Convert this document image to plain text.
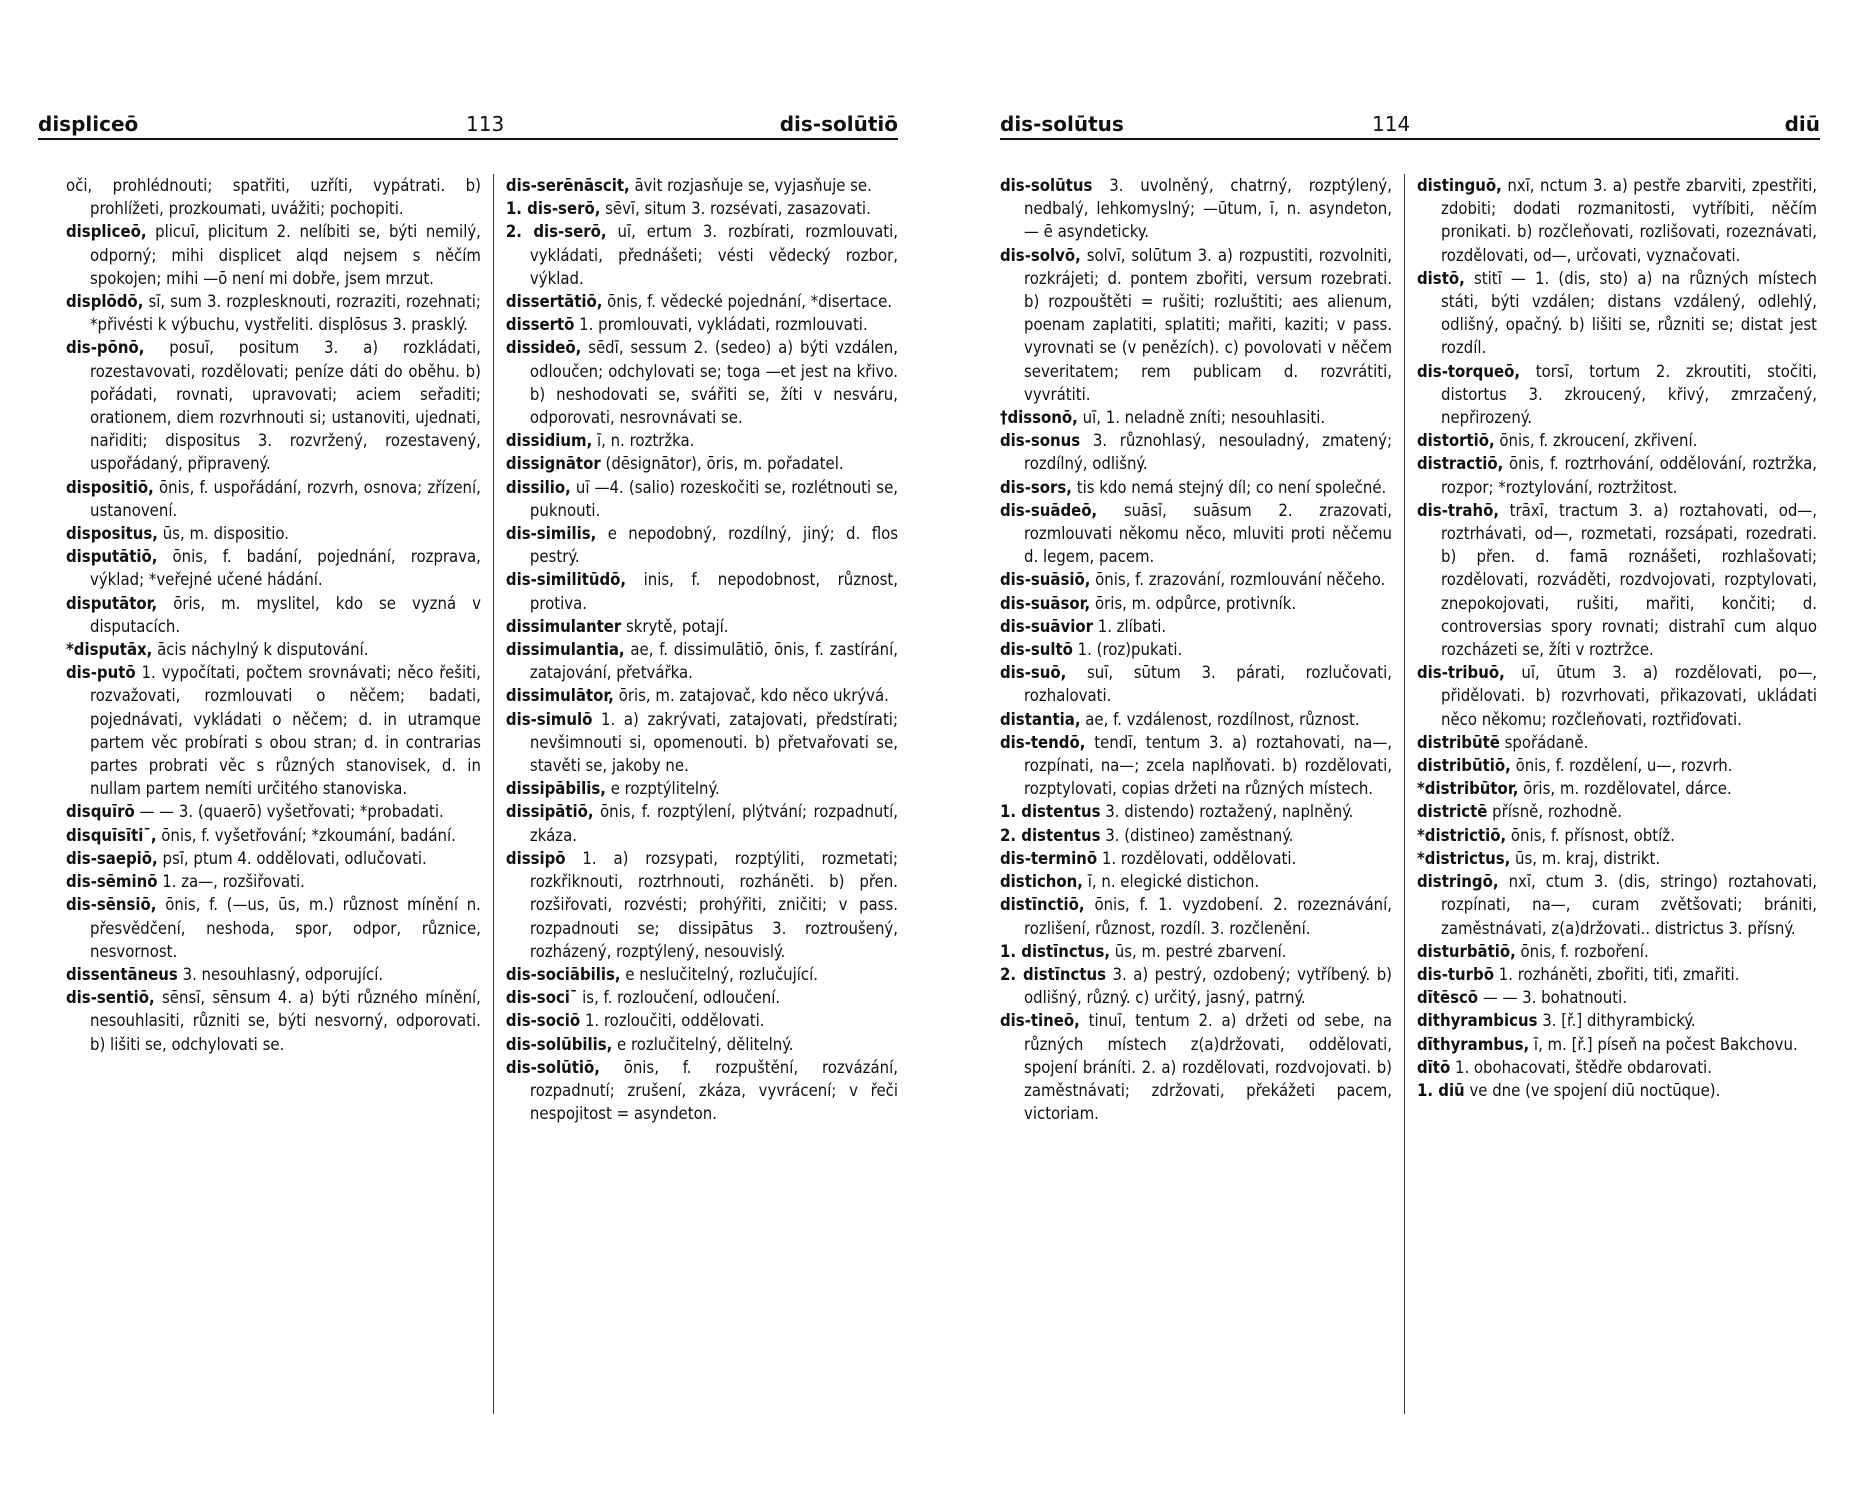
displiceō	113	dis-solūtiō

oči, prohlédnouti; spatřiti, uzříti, vypátrati. b) prohlížeti, prozkoumati, uvážiti; pochopiti.

displiceō, plicuī, plicitum 2. nelíbiti se, býti nemilý, odporný; mihi displicet alqd nejsem s něčím spokojen; mihi —ō není mi dobře, jsem mrzut.

displōdō, sī, sum 3. rozplesknouti, rozraziti, rozehnati; *přivésti k výbuchu, vystřeliti. displōsus 3. prasklý.

dis-pōnō, posuī, positum 3. a) rozkládati, rozestavovati, rozdělovati; peníze dáti do oběhu. b) pořádati, rovnati, upravovati; aciem seřaditi; orationem, diem rozvrhnouti si; ustanoviti, ujednati, nařiditi; dispositus 3. rozvržený, rozestavený, uspořádaný, připravený.

dispositiō, ōnis, f. uspořádání, rozvrh, osnova; zřízení, ustanovení.

dispositus, ūs, m. dispositio.

disputātiō, ōnis, f. badání, pojednání, rozprava, výklad; *veřejné učené hádání.

disputātor, ōris, m. myslitel, kdo se vyzná v disputacích.

*disputāx, ācis náchylný k disputování.

dis-putō 1. vypočítati, počtem srovnávati; něco řešiti, rozvažovati, rozmlouvati o něčem; badati, pojednávati, vykládati o něčem; d. in utramque partem věc probírati s obou stran; d. in contrarias partes probrati věc s různých stanovisek, d. in nullam partem nemíti určitého stanoviska.

disquīrō — — 3. (quaerō) vyšetřovati; *probadati.

disquīsītiˉ, ōnis, f. vyšetřování; *zkoumání, badání.

dis-saepiō, psī, ptum 4. oddělovati, odlučovati.

dis-sēminō 1. za—, rozšiřovati.

dis-sēnsiō, ōnis, f. (—us, ūs, m.) různost mínění n. přesvědčení, neshoda, spor, odpor, různice, nesvornost.

dissentāneus 3. nesouhlasný, odporující.

dis-sentiō, sēnsī, sēnsum 4. a) býti různého mínění, nesouhlasiti, různiti se, býti nesvorný, odporovati. b) lišiti se, odchylovati se.

dis-serēnāscit, āvit rozjasňuje se, vyjasňuje se.

1. dis-serō, sēvī, situm 3. rozsévati, zasazovati.

2. dis-serō, uī, ertum 3. rozbírati, rozmlouvati, vykládati, přednášeti; vésti vědecký rozbor, výklad.

dissertātiō, ōnis, f. vědecké pojednání, *disertace.

dissertō 1. promlouvati, vykládati, rozmlouvati.

dissideō, sēdī, sessum 2. (sedeo) a) býti vzdálen, odloučen; odchylovati se; toga —et jest na křivo. b) neshodovati se, svářiti se, žíti v nesváru, odporovati, nesrovnávati se.

dissidium, ī, n. roztržka.

dissignātor (dēsignātor), ōris, m. pořadatel.

dissilio, uī —4. (salio) rozeskočiti se, rozlétnouti se, puknouti.

dis-similis, e nepodobný, rozdílný, jiný; d. flos pestrý.

dis-similitūdō, inis, f. nepodobnost, různost, protiva.

dissimulanter skrytě, potají.

dissimulantia, ae, f. dissimulātiō, ōnis, f. zastírání, zatajování, přetvářka.

dissimulātor, ōris, m. zatajovač, kdo něco ukrývá.

dis-simulō 1. a) zakrývati, zatajovati, předstírati; nevšimnouti si, opomenouti. b) přetvařovati se, stavěti se, jakoby ne.

dissipābilis, e rozptýlitelný.

dissipātiō, ōnis, f. rozptýlení, plýtvání; rozpadnutí, zkáza.

dissipō 1. a) rozsypati, rozptýliti, rozmetati; rozkřiknouti, roztrhnouti, rozháněti. b) přen. rozšiřovati, rozvésti; prohýřiti, zničiti; v pass. rozpadnouti se; dissipātus 3. roztroušený, rozházený, rozptýlený, nesouvislý.

dis-sociābilis, e neslučitelný, rozlučující.

dis-sociˉ is, f. rozloučení, odloučení.

dis-sociō 1. rozloučiti, oddělovati.

dis-solūbilis, e rozlučitelný, dělitelný.

dis-solūtiō, ōnis, f. rozpuštění, rozvázání, rozpadnutí; zrušení, zkáza, vyvrácení; v řeči nespojitost = asyndeton.

dis-solūtus	114	diū

dis-solūtus 3. uvolněný, chatrný, rozptýlený, nedbalý, lehkomyslný; —ūtum, ī, n. asyndeton, — ē asyndeticky.

dis-solvō, solvī, solūtum 3. a) rozpustiti, rozvolniti, rozkrájeti; d. pontem zbořiti, versum rozebrati. b) rozpouštěti = rušiti; rozluštiti; aes alienum, poenam zaplatiti, splatiti; mařiti, kaziti; v pass. vyrovnati se (v penězích). c) povolovati v něčem severitatem; rem publicam d. rozvrátiti, vyvrátiti.

†dissonō, uī, 1. neladně zníti; nesouhlasiti.

dis-sonus 3. různohlasý, nesouladný, zmatený; rozdílný, odlišný.

dis-sors, tis kdo nemá stejný díl; co není společné.

dis-suādeō, suāsī, suāsum 2. zrazovati, rozmlouvati někomu něco, mluviti proti něčemu d. legem, pacem.

dis-suāsiō, ōnis, f. zrazování, rozmlouvání něčeho.

dis-suāsor, ōris, m. odpůrce, protivník.

dis-suāvior 1. zlíbati.

dis-sultō 1. (roz)pukati.

dis-suō, suī, sūtum 3. párati, rozlučovati, rozhalovati.

distantia, ae, f. vzdálenost, rozdílnost, různost.

dis-tendō, tendī, tentum 3. a) roztahovati, na—, rozpínati, na—; zcela naplňovati. b) rozdělovati, rozptylovati, copias držeti na různých místech.

1. distentus 3. distendo) roztažený, naplněný.

2. distentus 3. (distineo) zaměstnaný.

dis-terminō 1. rozdělovati, oddělovati.

distichon, ī, n. elegické distichon.

distīnctiō, ōnis, f. 1. vyzdobení. 2. rozeznávání, rozlišení, různost, rozdíl. 3. rozčlenění.

1. distīnctus, ūs, m. pestré zbarvení.

2. distīnctus 3. a) pestrý, ozdobený; vytříbený. b) odlišný, různý. c) určitý, jasný, patrný.

dis-tineō, tinuī, tentum 2. a) držeti od sebe, na různých místech z(a)držovati, oddělovati, spojení bráníti. 2. a) rozdělovati, rozdvojovati. b) zaměstnávati; zdržovati, překážeti pacem, victoriam.

distinguō, nxī, nctum 3. a) pestře zbarviti, zpestřiti, zdobiti; dodati rozmanitosti, vytříbiti, něčím pronikati. b) rozčleňovati, rozlišovati, rozeznávati, rozdělovati, od—, určovati, vyznačovati.

distō, stitī — 1. (dis, sto) a) na různých místech státi, býti vzdálen; distans vzdálený, odlehlý, odlišný, opačný. b) lišiti se, různiti se; distat jest rozdíl.

dis-torqueō, torsī, tortum 2. zkroutiti, stočiti, distortus 3. zkroucený, křivý, zmrzačený, nepřirozený.

distortiō, ōnis, f. zkroucení, zkřivení.

distractiō, ōnis, f. roztrhování, oddělování, roztržka, rozpor; *roztylování, roztržitost.

dis-trahō, trāxī, tractum 3. a) roztahovati, od—, roztrhávati, od—, rozmetati, rozsápati, rozedrati. b) přen. d. famā roznášeti, rozhlašovati; rozdělovati, rozváděti, rozdvojovati, rozptylovati, znepokojovati, rušiti, mařiti, končiti; d. controversias spory rovnati; distrahī cum alquo rozcházeti se, žíti v roztržce.

dis-tribuō, uī, ūtum 3. a) rozdělovati, po—, přidělovati. b) rozvrhovati, přikazovati, ukládati něco někomu; rozčleňovati, roztřiďovati.

distribūtē spořádaně.

distribūtiō, ōnis, f. rozdělení, u—, rozvrh.

*distribūtor, ōris, m. rozdělovatel, dárce.

districtē přísně, rozhodně.

*districtiō, ōnis, f. přísnost, obtíž.

*districtus, ūs, m. kraj, distrikt.

distringō, nxī, ctum 3. (dis, stringo) roztahovati, rozpínati, na—, curam zvětšovati; brániti, zaměstnávati, z(a)držovati.. districtus 3. přísný.

disturbātiō, ōnis, f. rozboření.

dis-turbō 1. rozháněti, zbořiti, tiťi, zmařiti.

dītēscō — — 3. bohatnouti.

dithyrambicus 3. [ř.] dithyrambický.

dīthyrambus, ī, m. [ř.] píseň na počest Bakchovu.

dītō 1. obohacovati, štědře obdarovati.

1. diū ve dne (ve spojení diū noctūque).
